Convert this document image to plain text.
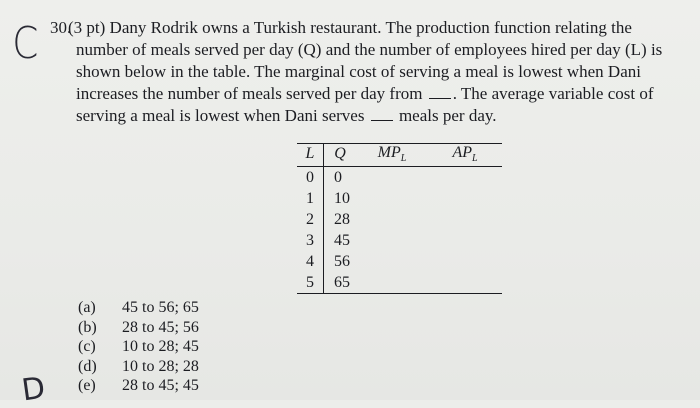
C
D
30.
(3 pt) Dany Rodrik owns a Turkish restaurant. The production function relating the
number of meals served per day (Q) and the number of employees hired per day (L) is
shown below in the table. The marginal cost of serving a meal is lowest when Dani
increases the number of meals served per day from . The average variable cost of
serving a meal is lowest when Dani serves meals per day.
L	Q	$MP_L$	$AP_L$
0	0		
1	10		
2	28		
3	45		
4	56		
5	65		
(a) 45 to 56; 65
(b) 28 to 45; 56
(c) 10 to 28; 45
(d) 10 to 28; 28
(e) 28 to 45; 45
